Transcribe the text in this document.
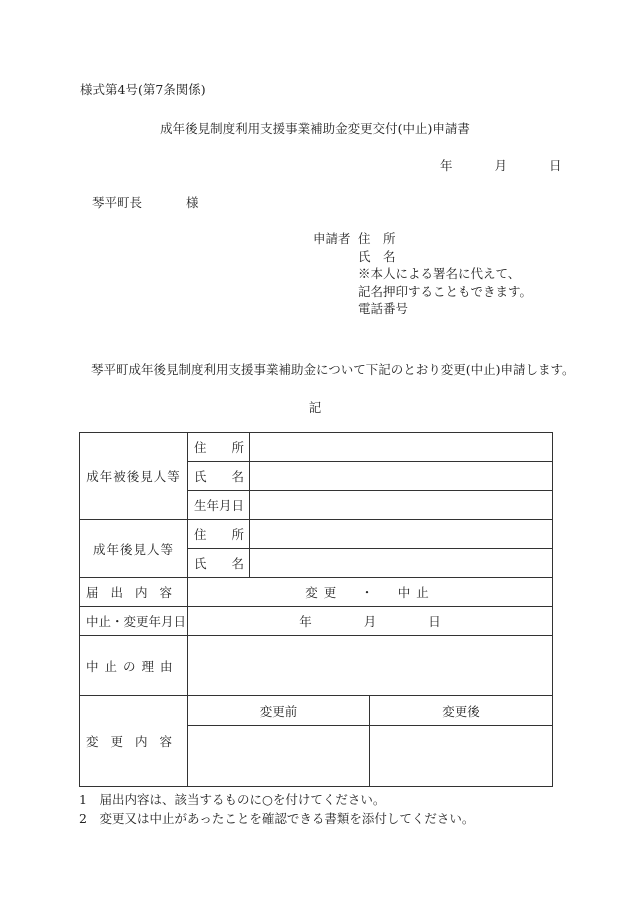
様式第4号(第7条関係)
成年後見制度利用支援事業補助金変更交付(中止)申請書
年	月	日
琴平町長	様
申請者 住　所
氏　名
※本人による署名に代えて、
記名押印することもできます。
電話番号
琴平町成年後見制度利用支援事業補助金について下記のとおり変更(中止)申請します。
記
成年被後見人等	住　　所		
	氏　　名		
	生年月日		
成年後見人等	住　　所		
	氏　　名		
届出内容	変更　・　中止		
中止・変更年月日	年 月 日		
中止の理由			
変更内容	変更前		変更後

1　届出内容は、該当するものに○を付けてください。
2　変更又は中止があったことを確認できる書類を添付してください。
